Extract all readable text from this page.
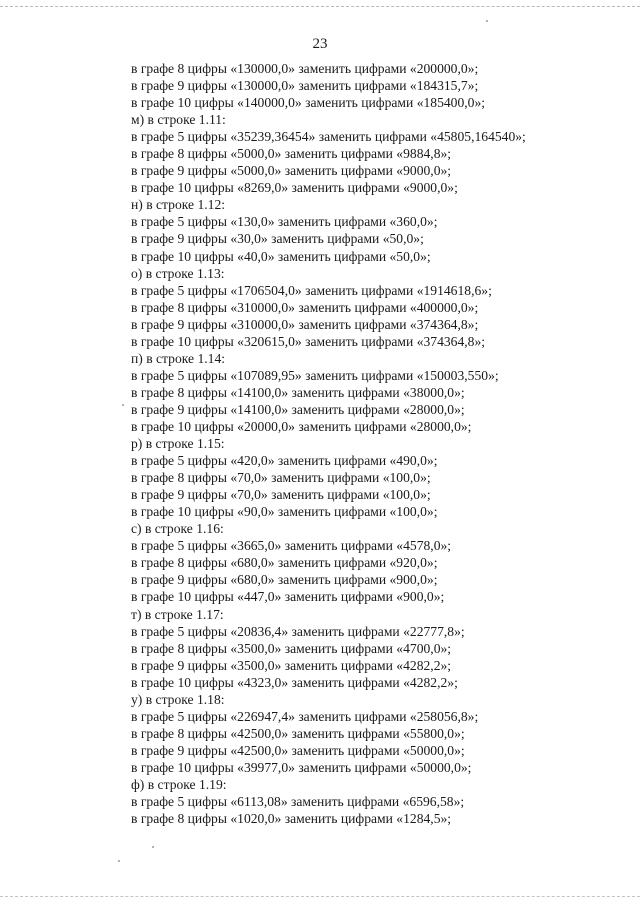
23
в графе 8 цифры «130000,0» заменить цифрами «200000,0»;
в графе 9 цифры «130000,0» заменить цифрами «184315,7»;
в графе 10 цифры «140000,0» заменить цифрами «185400,0»;
м) в строке 1.11:
в графе 5 цифры «35239,36454» заменить цифрами «45805,164540»;
в графе 8 цифры «5000,0» заменить цифрами «9884,8»;
в графе 9 цифры «5000,0» заменить цифрами «9000,0»;
в графе 10 цифры «8269,0» заменить цифрами «9000,0»;
н) в строке 1.12:
в графе 5 цифры «130,0» заменить цифрами «360,0»;
в графе 9 цифры «30,0» заменить цифрами «50,0»;
в графе 10 цифры «40,0» заменить цифрами «50,0»;
о) в строке 1.13:
в графе 5 цифры «1706504,0» заменить цифрами «1914618,6»;
в графе 8 цифры «310000,0» заменить цифрами «400000,0»;
в графе 9 цифры «310000,0» заменить цифрами «374364,8»;
в графе 10 цифры «320615,0» заменить цифрами «374364,8»;
п) в строке 1.14:
в графе 5 цифры «107089,95» заменить цифрами «150003,550»;
в графе 8 цифры «14100,0» заменить цифрами «38000,0»;
в графе 9 цифры «14100,0» заменить цифрами «28000,0»;
в графе 10 цифры «20000,0» заменить цифрами «28000,0»;
р) в строке 1.15:
в графе 5 цифры «420,0» заменить цифрами «490,0»;
в графе 8 цифры «70,0» заменить цифрами «100,0»;
в графе 9 цифры «70,0» заменить цифрами «100,0»;
в графе 10 цифры «90,0» заменить цифрами «100,0»;
с) в строке 1.16:
в графе 5 цифры «3665,0» заменить цифрами «4578,0»;
в графе 8 цифры «680,0» заменить цифрами «920,0»;
в графе 9 цифры «680,0» заменить цифрами «900,0»;
в графе 10 цифры «447,0» заменить цифрами «900,0»;
т) в строке 1.17:
в графе 5 цифры «20836,4» заменить цифрами «22777,8»;
в графе 8 цифры «3500,0» заменить цифрами «4700,0»;
в графе 9 цифры «3500,0» заменить цифрами «4282,2»;
в графе 10 цифры «4323,0» заменить цифрами «4282,2»;
у) в строке 1.18:
в графе 5 цифры «226947,4» заменить цифрами «258056,8»;
в графе 8 цифры «42500,0» заменить цифрами «55800,0»;
в графе 9 цифры «42500,0» заменить цифрами «50000,0»;
в графе 10 цифры «39977,0» заменить цифрами «50000,0»;
ф) в строке 1.19:
в графе 5 цифры «6113,08» заменить цифрами «6596,58»;
в графе 8 цифры «1020,0» заменить цифрами «1284,5»;
